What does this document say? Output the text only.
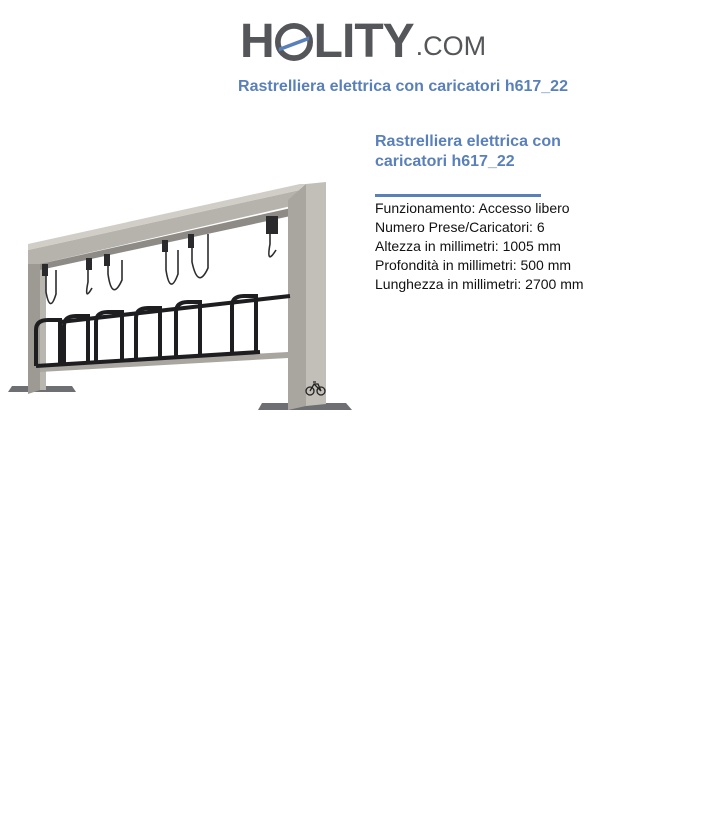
H LITY .COM
Rastrelliera elettrica con caricatori h617_22

Rastrelliera elettrica con
caricatori h617_22

Funzionamento: Accesso libero
Numero Prese/Caricatori: 6
Altezza in millimetri: 1005 mm
Profondità in millimetri: 500 mm
Lunghezza in millimetri: 2700 mm
